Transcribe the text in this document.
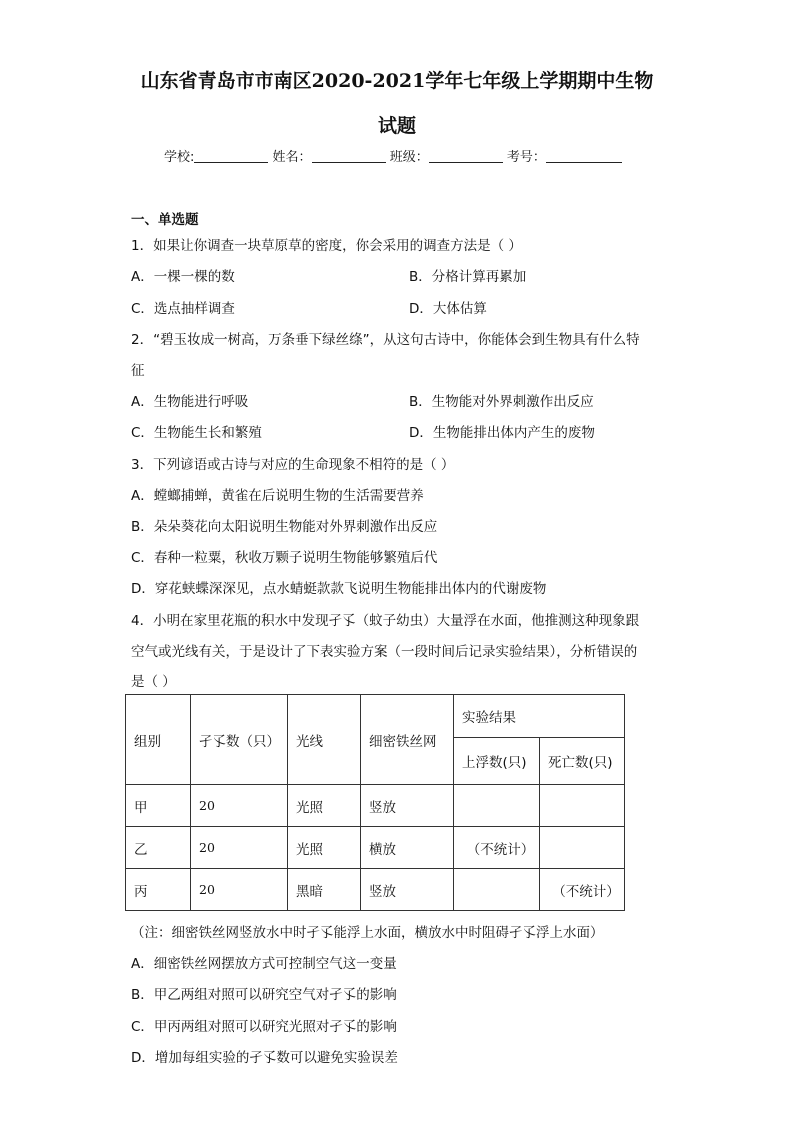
山东省青岛市市南区2020-2021学年七年级上学期期中生物
试题
学校:	姓名：	班级：	考号：
一、单选题
1．如果让你调查一块草原草的密度，你会采用的调查方法是（ ）
A．一棵一棵的数	B．分格计算再累加
C．选点抽样调查	D．大体估算
2．“碧玉妆成一树高，万条垂下绿丝绦”，从这句古诗中，你能体会到生物具有什么特
征
A．生物能进行呼吸	B．生物能对外界刺激作出反应
C．生物能生长和繁殖	D．生物能排出体内产生的废物
3．下列谚语或古诗与对应的生命现象不相符的是（ ）
A．螳螂捕蝉，黄雀在后说明生物的生活需要营养
B．朵朵葵花向太阳说明生物能对外界刺激作出反应
C．春种一粒粟，秋收万颗子说明生物能够繁殖后代
D．穿花蛱蝶深深见，点水蜻蜓款款飞说明生物能排出体内的代谢废物
4．小明在家里花瓶的积水中发现孑孓（蚊子幼虫）大量浮在水面，他推测这种现象跟
空气或光线有关，于是设计了下表实验方案（一段时间后记录实验结果），分析错误的
是（ ）
组别	孑孓数（只）	光线	细密铁丝网	实验结果	
				上浮数(只)	死亡数(只)
甲	20	光照	竖放		
乙	20	光照	横放	（不统计）	
丙	20	黑暗	竖放		（不统计）
（注：细密铁丝网竖放水中时孑孓能浮上水面，横放水中时阻碍孑孓浮上水面）
A．细密铁丝网摆放方式可控制空气这一变量
B．甲乙两组对照可以研究空气对孑孓的影响
C．甲丙两组对照可以研究光照对孑孓的影响
D．增加每组实验的孑孓数可以避免实验误差
